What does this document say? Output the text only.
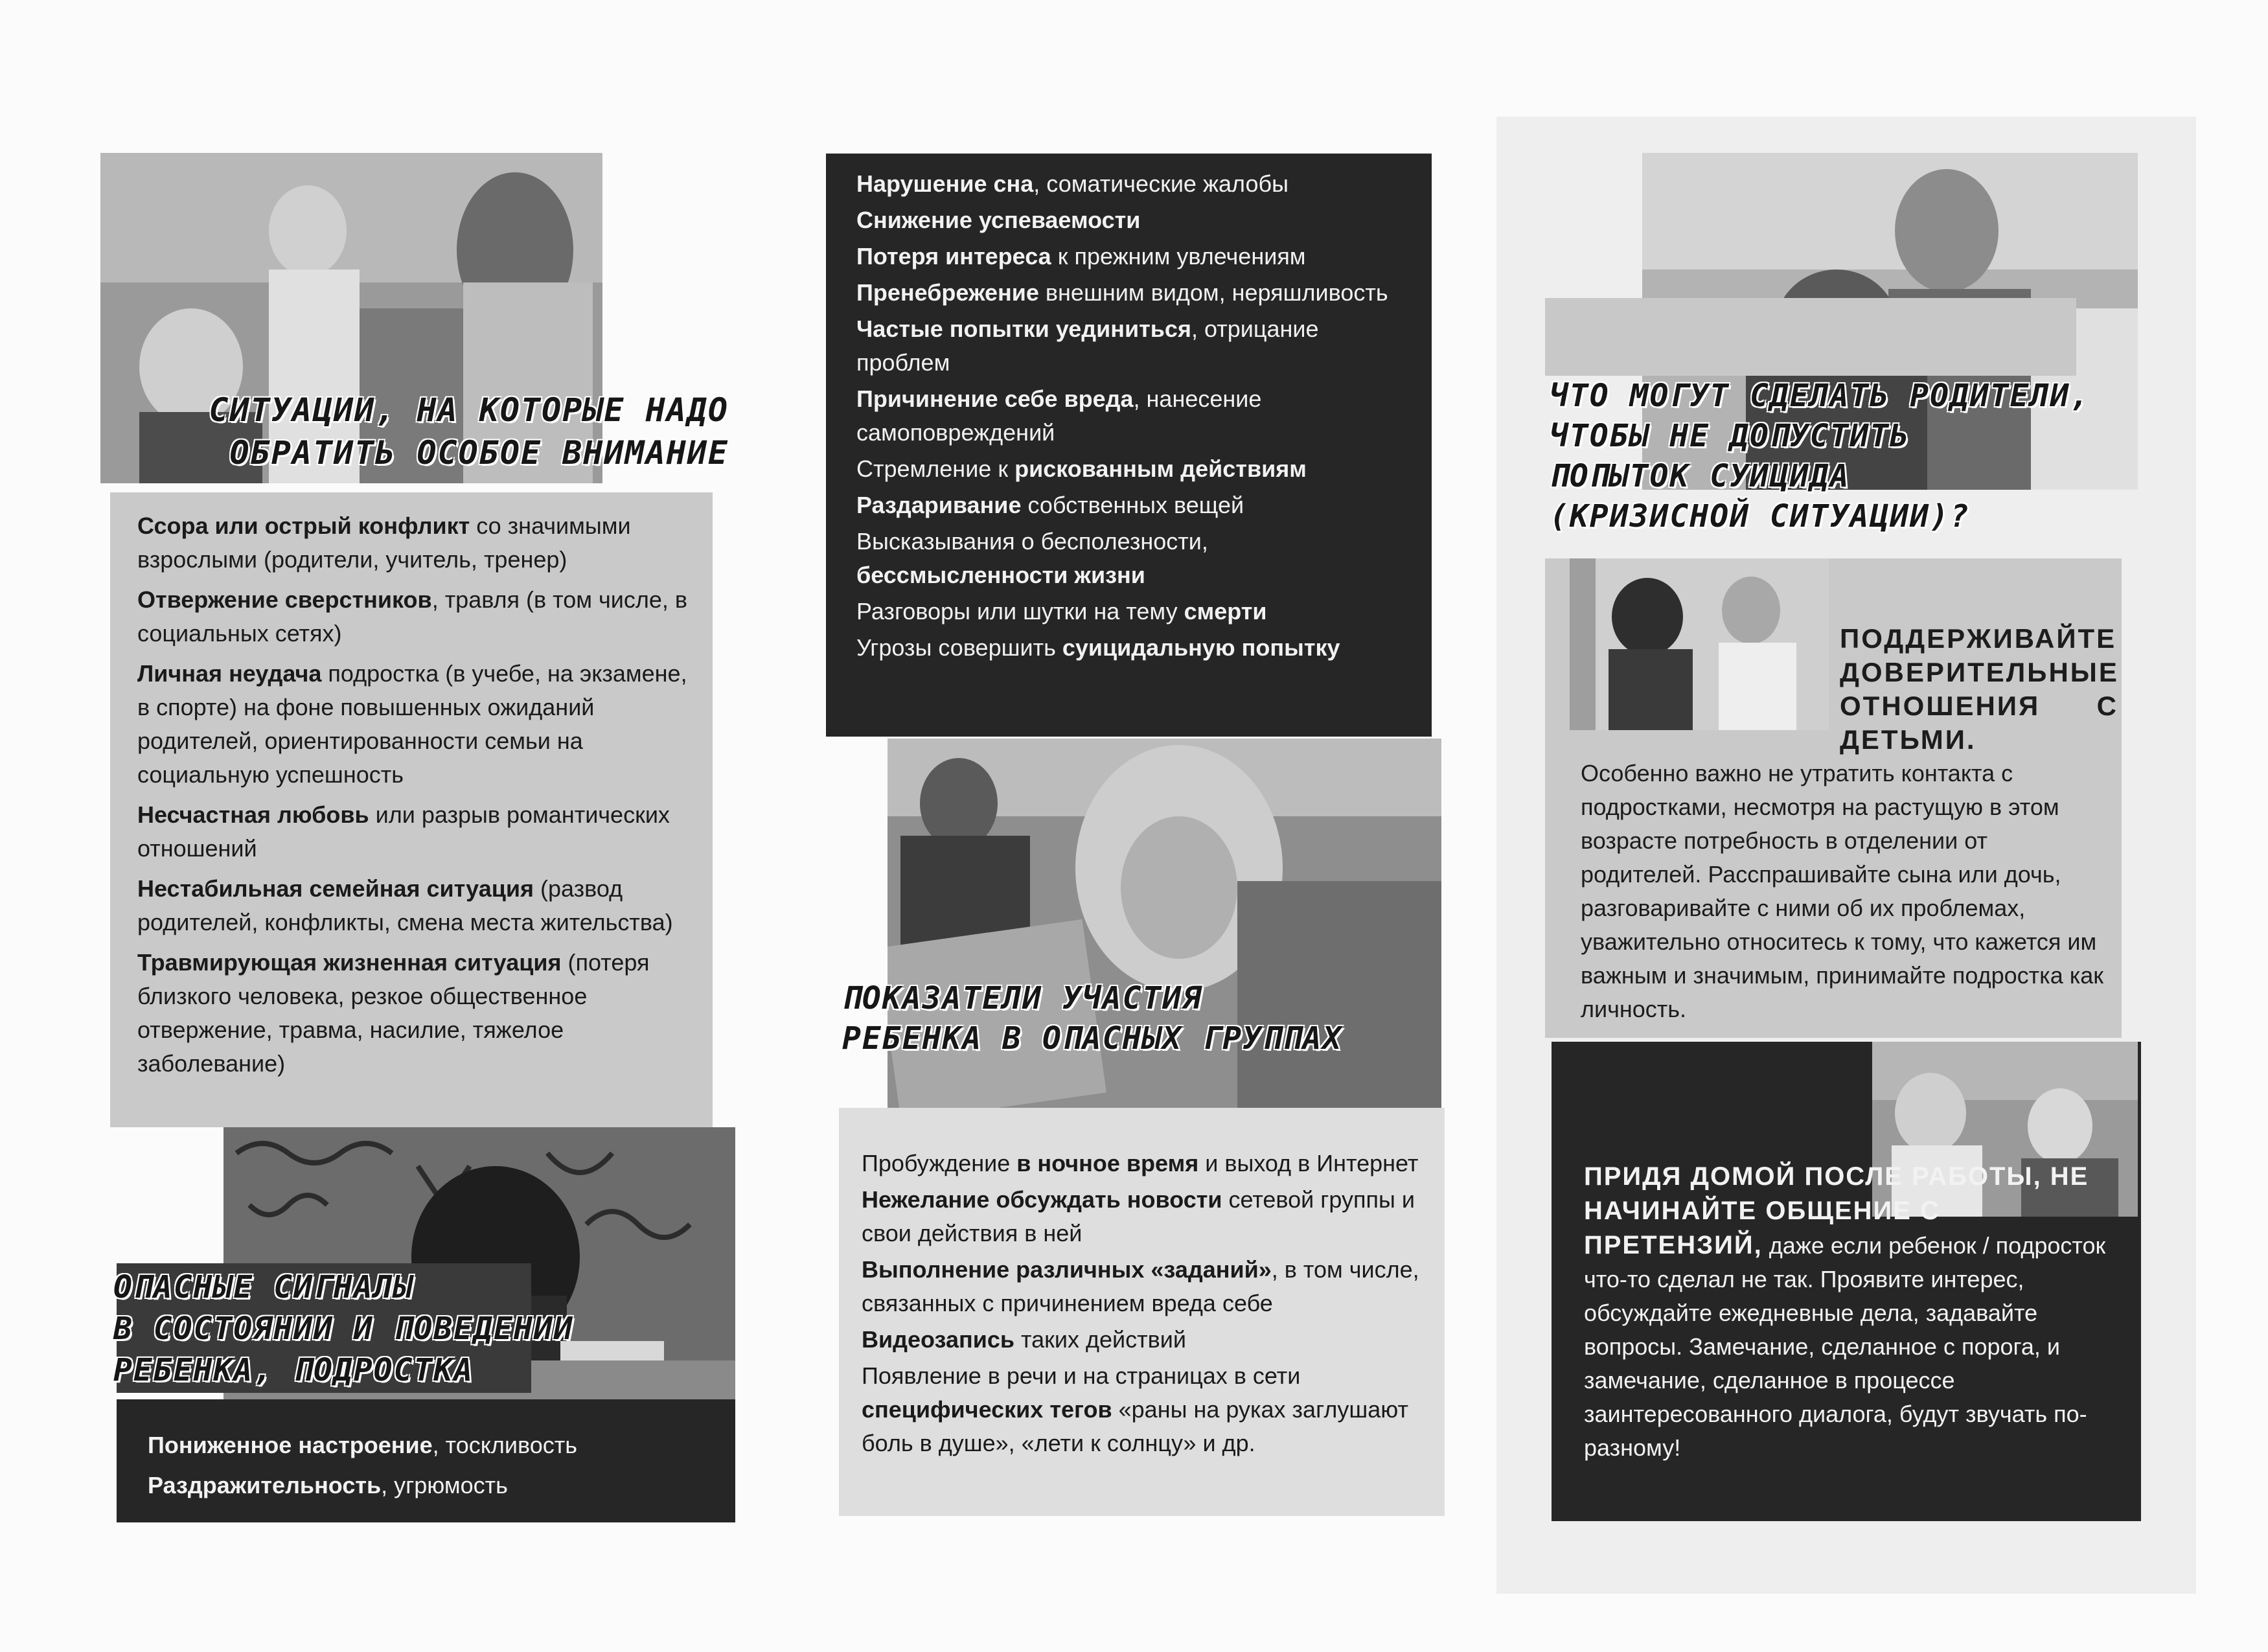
СИТУАЦИИ, НА КОТОРЫЕ НАДО
ОБРАТИТЬ ОСОБОЕ ВНИМАНИЕ

Ссора или острый конфликт со значимыми взрослыми (родители, учитель, тренер)

Отвержение сверстников, травля (в том числе, в социальных сетях)

Личная неудача подростка (в учебе, на экзамене, в спорте) на фоне повышенных ожиданий родителей, ориентированности семьи на социальную успешность

Несчастная любовь или разрыв романтических отношений

Нестабильная семейная ситуация (развод родителей, конфликты, смена места жительства)

Травмирующая жизненная ситуация (потеря близкого человека, резкое общественное отвержение, травма, насилие, тяжелое заболевание)

ОПАСНЫЕ СИГНАЛЫ
В СОСТОЯНИИ И ПОВЕДЕНИИ
РЕБЕНКА, ПОДРОСТКА

Пониженное настроение, тоскливость

Раздражительность, угрюмость

Нарушение сна, соматические жалобы

Снижение успеваемости

Потеря интереса к прежним увлечениям

Пренебрежение внешним видом, неряшливость

Частые попытки уединиться, отрицание проблем

Причинение себе вреда, нанесение самоповреждений

Стремление к рискованным действиям

Раздаривание собственных вещей

Высказывания о бесполезности, бессмысленности жизни

Разговоры или шутки на тему смерти

Угрозы совершить суицидальную попытку

ПОКАЗАТЕЛИ УЧАСТИЯ
РЕБЕНКА В ОПАСНЫХ ГРУППАХ

Пробуждение в ночное время и выход в Интернет

Нежелание обсуждать новости сетевой группы и свои действия в ней

Выполнение различных «заданий», в том числе, связанных с причинением вреда себе

Видеозапись таких действий

Появление в речи и на страницах в сети специфических тегов «раны на руках заглушают боль в душе», «лети к солнцу» и др.

ЧТО МОГУТ СДЕЛАТЬ РОДИТЕЛИ,
ЧТОБЫ НЕ ДОПУСТИТЬ
ПОПЫТОК СУИЦИДА
(КРИЗИСНОЙ СИТУАЦИИ)?
ПОДДЕРЖИВАЙТЕ ДОВЕРИТЕЛЬНЫЕ ОТНОШЕНИЯ С ДЕТЬМИ.
Особенно важно не утратить контакта с подростками, несмотря на растущую в этом возрасте потребность в отделении от родителей. Расспрашивайте сына или дочь, разговаривайте с ними об их проблемах, уважительно относитесь к тому, что кажется им важным и значимым, принимайте подростка как личность.
ПРИДЯ ДОМОЙ ПОСЛЕ РАБОТЫ, НЕ НАЧИНАЙТЕ ОБЩЕНИЕ С ПРЕТЕНЗИЙ, даже если ребенок / подросток что-то сделал не так. Проявите интерес, обсуждайте ежедневные дела, задавайте вопросы. Замечание, сделанное с порога, и замечание, сделанное в процессе заинтересованного диалога, будут звучать по-разному!
